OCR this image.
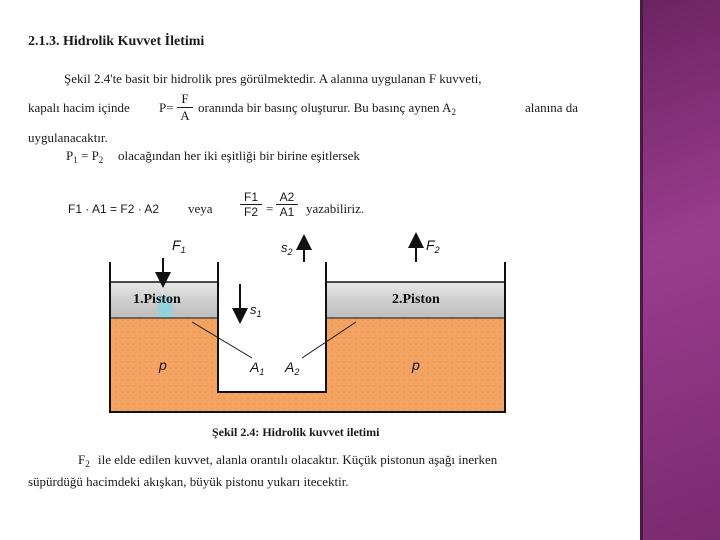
2.1.3. Hidrolik Kuvvet İletimi
Şekil 2.4'te basit bir hidrolik pres görülmektedir. A alanına uygulanan F kuvveti,
kapalı hacim içinde $P= \frac{F}{A}$ oranında bir basınç oluşturur. Bu basınç aynen $A_2$	alanına da
uygulanacaktır.
$P_1 = P_2$ olacağından her iki eşitliği bir birine eşitlersek
F1 · A1 = F2 · A2 veya $\frac{F1}{F2} = \frac{A2}{A1}$ yazabiliriz.
$F_1$	$F_2$
$s_1$
$s_2$
1.Piston	2.Piston
p	p
$A_1$ $A_2$
Şekil 2.4: Hidrolik kuvvet iletimi
$F_2$ ile elde edilen kuvvet, alanla orantılı olacaktır. Küçük pistonun aşağı inerken
süpürdüğü hacimdeki akışkan, büyük pistonu yukarı itecektir.
